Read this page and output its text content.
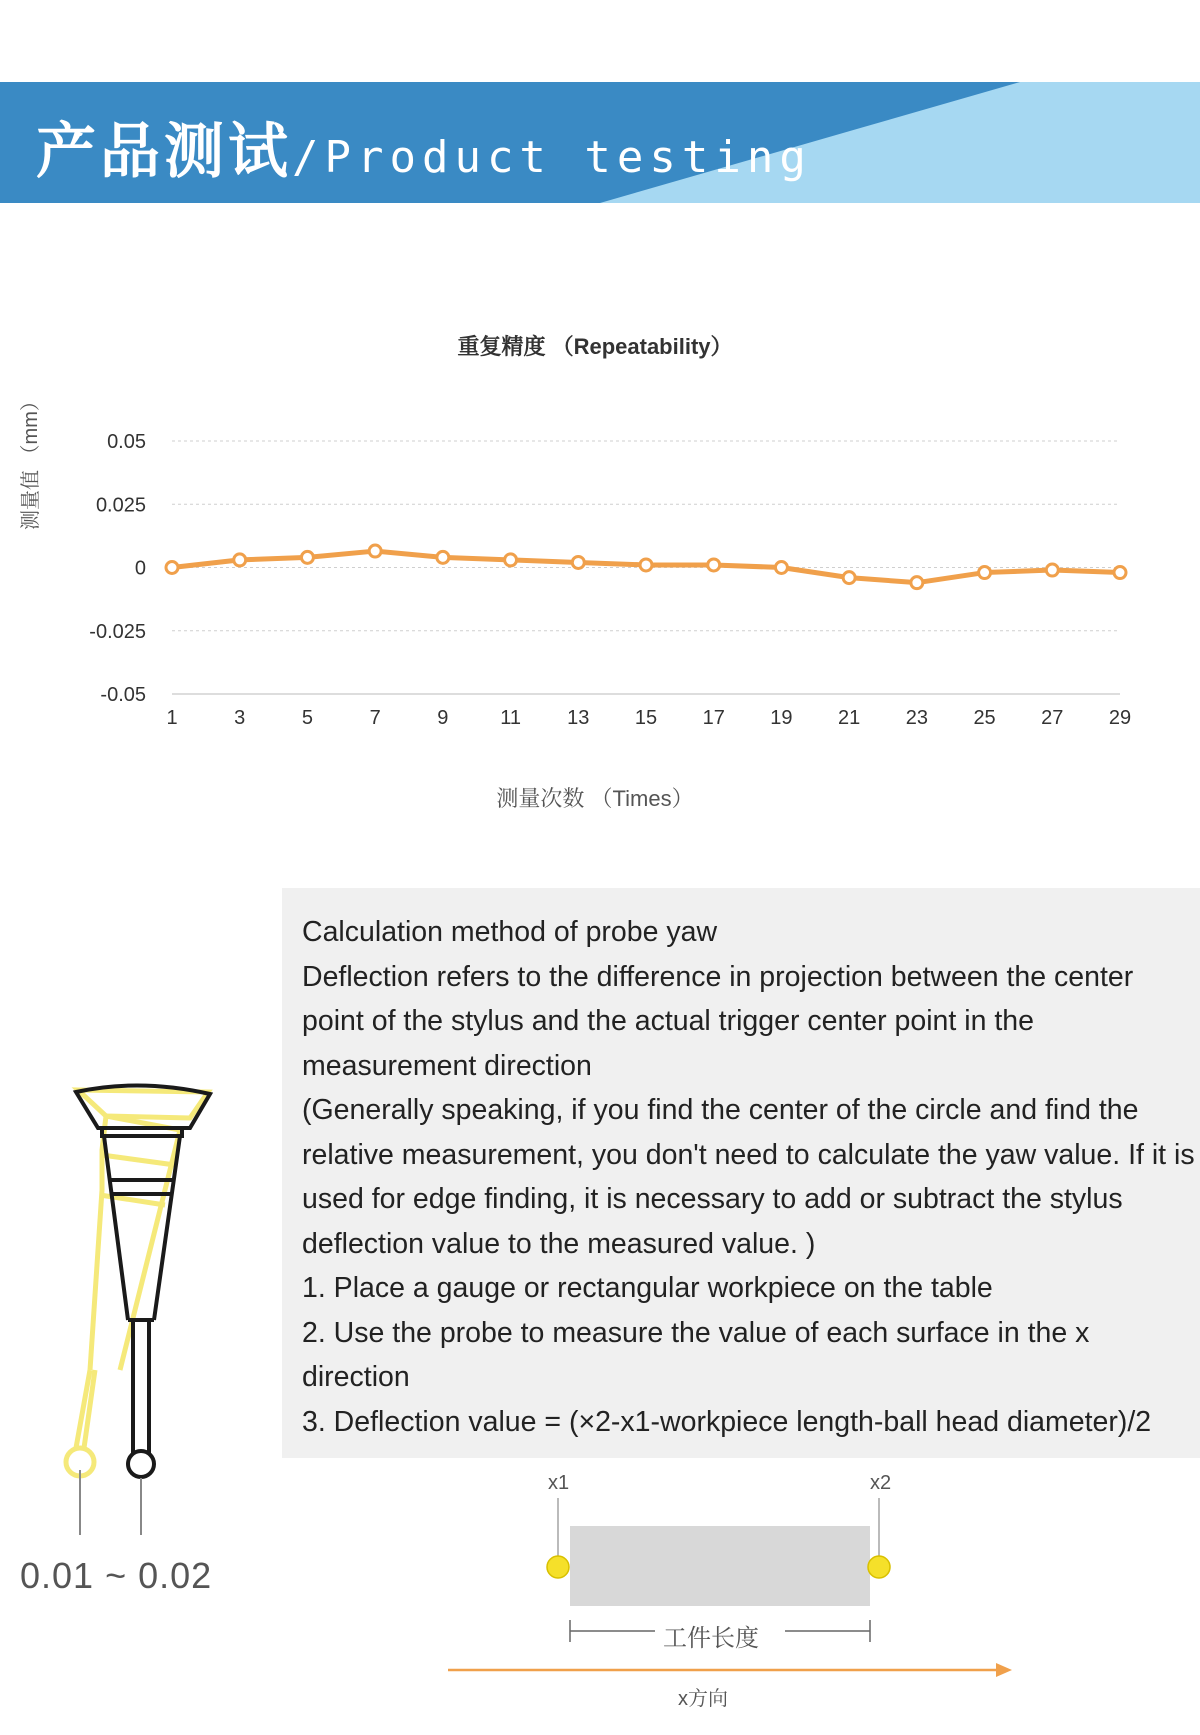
产品测试/Product testing
0.05
0.025
0
-0.025
-0.05
1	3	5	7	9	11 13 15 17 19 21 23 25 27 29
重复精度 （Repeatability）
测量次数 （Times）
测量值 （mm）
0.01 ~ 0.02

Calculation method of probe yaw

Deflection refers to the difference in projection between the center point of the stylus and the actual trigger center point in the measurement direction

(Generally speaking, if you find the center of the circle and find the relative measurement, you don't need to calculate the yaw value. If it is used for edge finding, it is necessary to add or subtract the stylus deflection value to the measured value. )

1. Place a gauge or rectangular workpiece on the table

2. Use the probe to measure the value of each surface in the x direction

3. Deflection value = (×2-x1-workpiece length-ball head diameter)/2

x1	x2
工件长度
x方向
